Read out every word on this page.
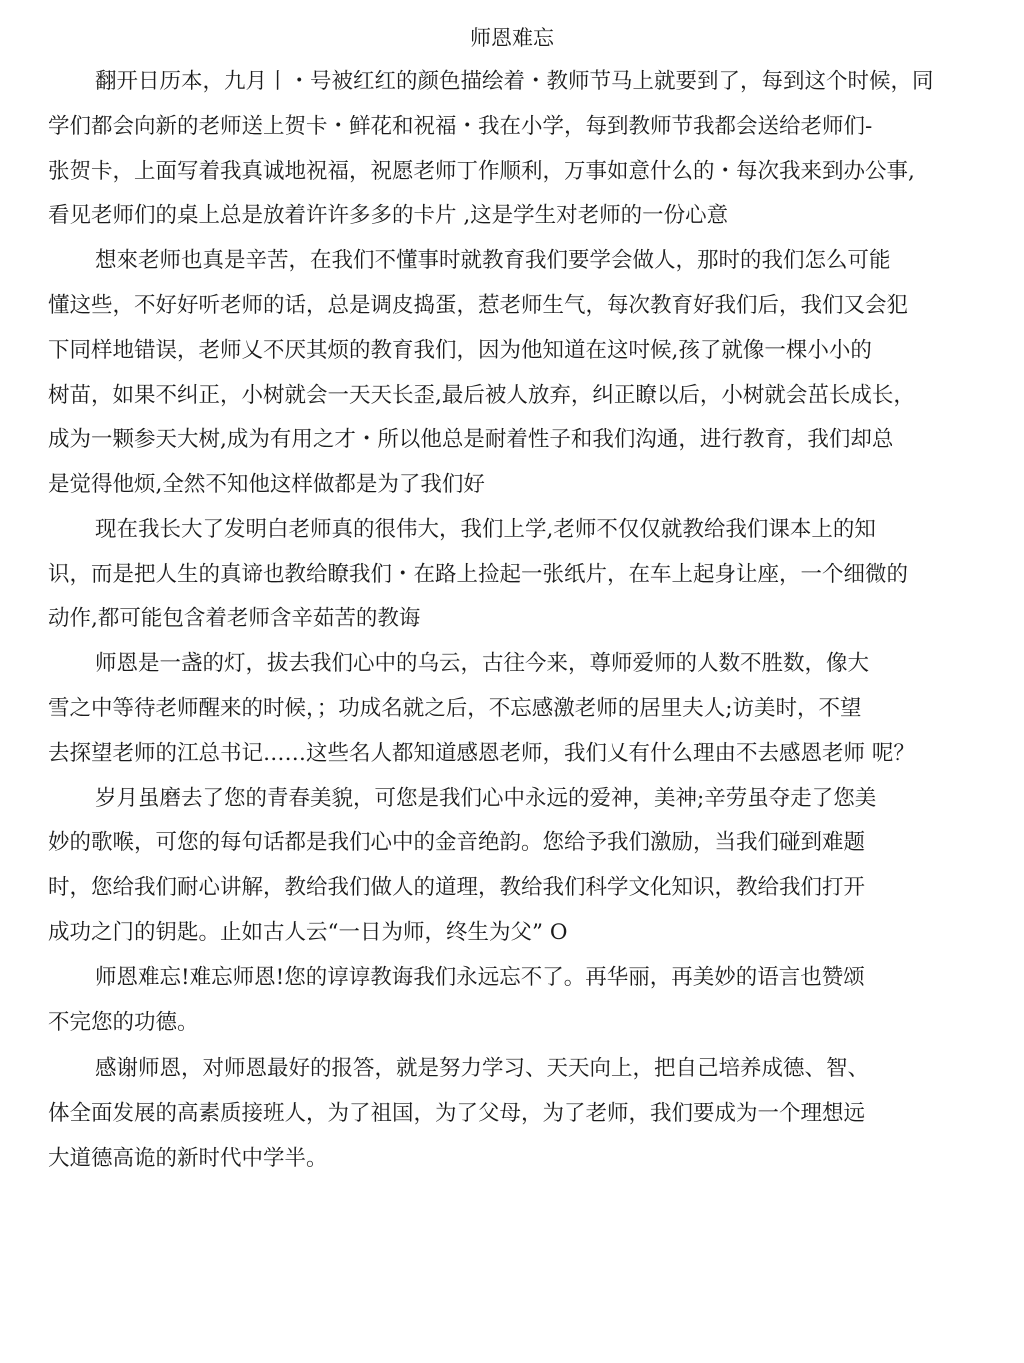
师恩难忘
翻开日历本，九月丨・号被红红的颜色描绘着・教师节马上就要到了，每到这个时候，同
学们都会向新的老师送上贺卡・鲜花和祝福・我在小学，每到教师节我都会送给老师们-
张贺卡，上面写着我真诚地祝福，祝愿老师丁作顺利，万事如意什么的・每次我来到办公事,
看见老师们的桌上总是放着许许多多的卡片 ,这是学生对老师的一份心意
想來老师也真是辛苦，在我们不懂事时就教育我们要学会做人，那时的我们怎么可能
懂这些，不好好听老师的话，总是调皮捣蛋，惹老师生气，每次教育好我们后，我们又会犯
下同样地错误，老师乂不厌其烦的教育我们，因为他知道在这吋候,孩了就像一棵小小的
树苗，如果不纠正，小树就会一天天长歪,最后被人放弃，纠正瞭以后，小树就会茁长成长，
成为一颗参天大树,成为有用之才・所以他总是耐着性子和我们沟通，进行教育，我们却总
是觉得他烦,全然不知他这样做都是为了我们好
现在我长大了发明白老师真的很伟大，我们上学,老师不仅仅就教给我们课本上的知
识，而是把人生的真谛也教给瞭我们・在路上捡起一张纸片，在车上起身让座，一个细微的
动作,都可能包含着老师含辛茹苦的教诲
师恩是一盏的灯，拔去我们心中的乌云，古往今来，尊师爱师的人数不胜数，像大
雪之中等待老师醒来的时候，；功成名就之后，不忘感激老师的居里夫人;访美时，不望
去探望老师的江总书记……这些名人都知道感恩老师，我们乂有什么理由不去感恩老师 呢？
岁月虽磨去了您的青春美貌，可您是我们心中永远的爱神，美神;辛劳虽夺走了您美
妙的歌喉，可您的每句话都是我们心中的金音绝韵。您给予我们激励，当我们碰到难题
时，您给我们耐心讲解，教给我们做人的道理，教给我们科学文化知识，教给我们打开
成功之门的钥匙。止如古人云“一日为师，终生为父” O
师恩难忘!难忘师恩!您的谆谆教诲我们永远忘不了。再华丽，再美妙的语言也赞颂
不完您的功德。
感谢师恩，对师恩最好的报答，就是努力学习、天天向上，把自己培养成德、智、
体全面发展的高素质接班人，为了祖国，为了父母，为了老师，我们要成为一个理想远
大道德高诡的新时代中学半。
